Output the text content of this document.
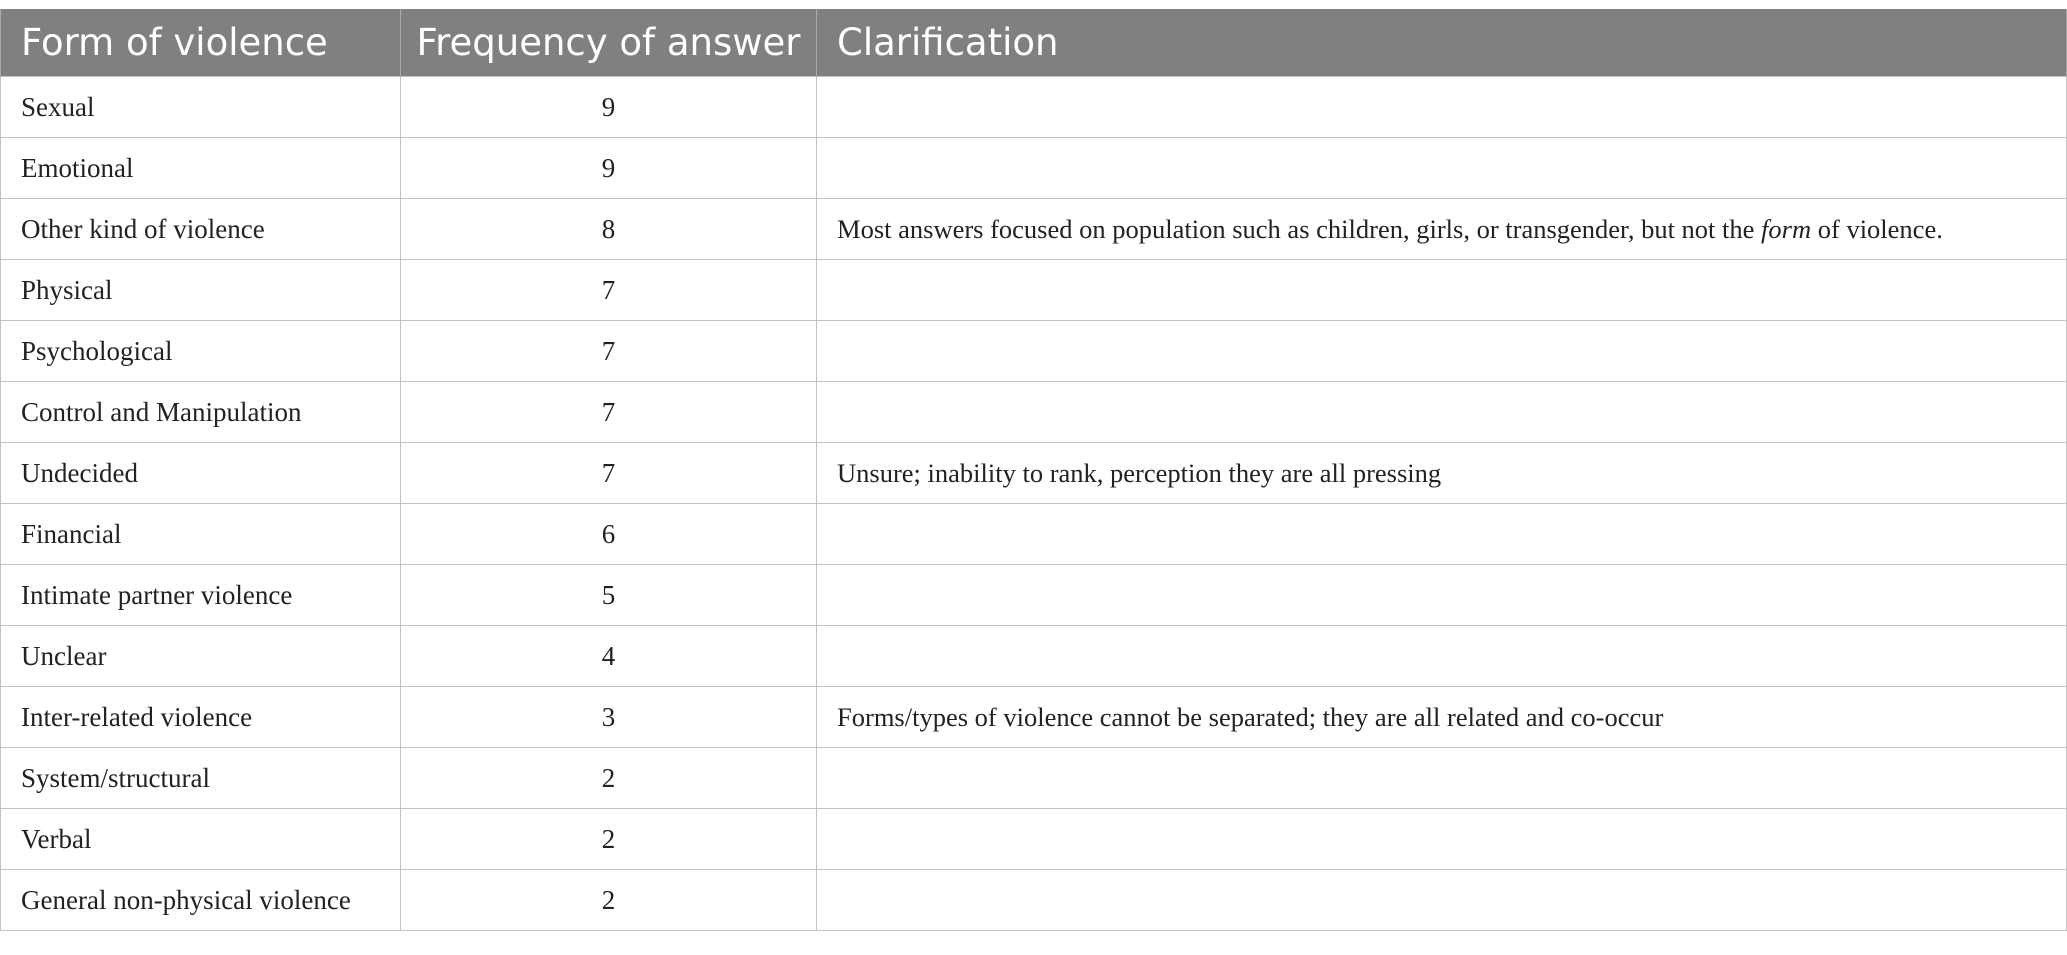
Form of violence	Frequency of answer	Clarification
Sexual	9	
Emotional	9	
Other kind of violence	8	Most answers focused on population such as children, girls, or transgender, but not the form of violence.
Physical	7	
Psychological	7	
Control and Manipulation	7	
Undecided	7	Unsure; inability to rank, perception they are all pressing
Financial	6	
Intimate partner violence	5	
Unclear	4	
Inter-related violence	3	Forms/types of violence cannot be separated; they are all related and co-occur
System/structural	2	
Verbal	2	
General non-physical violence	2	
